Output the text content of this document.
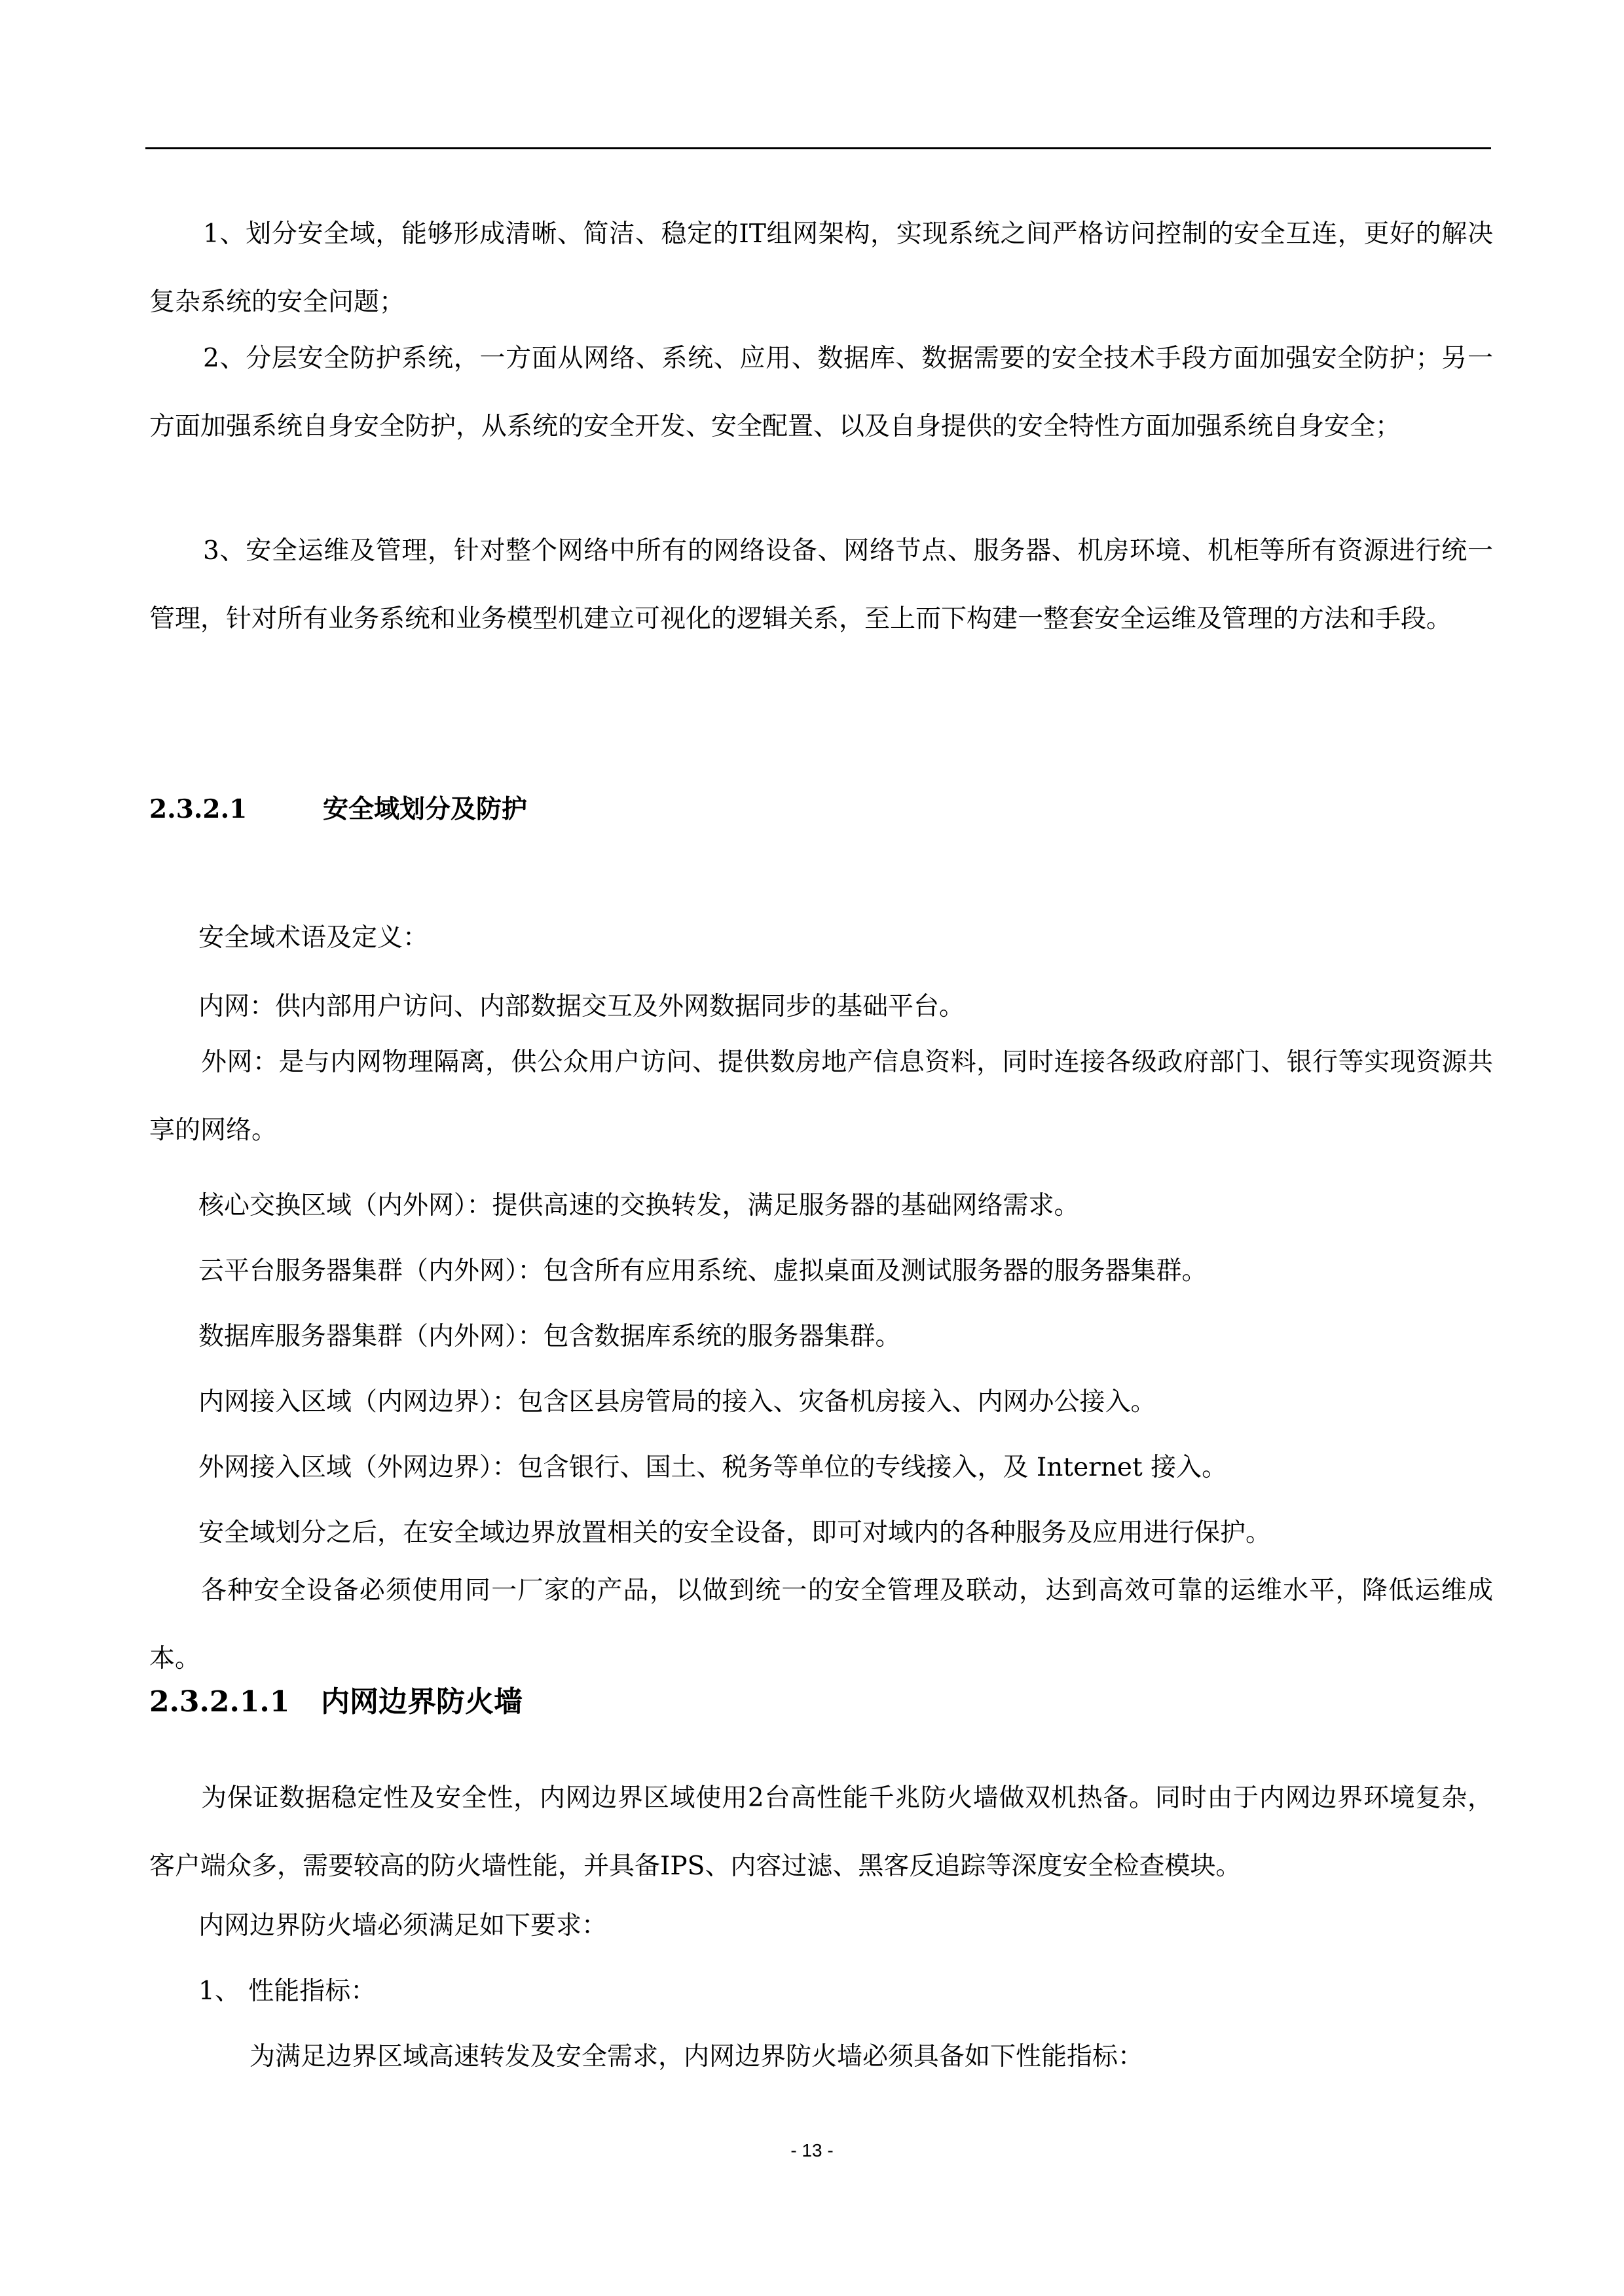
1、划分安全域，能够形成清晰、简洁、稳定的IT组网架构，实现系统之间严格访问控制的安全互连，更好的解决复杂系统的安全问题；

2、分层安全防护系统，一方面从网络、系统、应用、数据库、数据需要的安全技术手段方面加强安全防护；另一方面加强系统自身安全防护，从系统的安全开发、安全配置、以及自身提供的安全特性方面加强系统自身安全；

3、安全运维及管理，针对整个网络中所有的网络设备、网络节点、服务器、机房环境、机柜等所有资源进行统一管理，针对所有业务系统和业务模型机建立可视化的逻辑关系，至上而下构建一整套安全运维及管理的方法和手段。

2.3.2.1	安全域划分及防护

安全域术语及定义：

内网：供内部用户访问、内部数据交互及外网数据同步的基础平台。

外网：是与内网物理隔离，供公众用户访问、提供数房地产信息资料，同时连接各级政府部门、银行等实现资源共享的网络。

核心交换区域（内外网）：提供高速的交换转发，满足服务器的基础网络需求。

云平台服务器集群（内外网）：包含所有应用系统、虚拟桌面及测试服务器的服务器集群。

数据库服务器集群（内外网）：包含数据库系统的服务器集群。

内网接入区域（内网边界）：包含区县房管局的接入、灾备机房接入、内网办公接入。

外网接入区域（外网边界）：包含银行、国土、税务等单位的专线接入，及 Internet 接入。

安全域划分之后，在安全域边界放置相关的安全设备，即可对域内的各种服务及应用进行保护。

各种安全设备必须使用同一厂家的产品，以做到统一的安全管理及联动，达到高效可靠的运维水平，降低运维成本。

2.3.2.1.1 内网边界防火墙

为保证数据稳定性及安全性，内网边界区域使用2台高性能千兆防火墙做双机热备。同时由于内网边界环境复杂，客户端众多，需要较高的防火墙性能，并具备IPS、内容过滤、黑客反追踪等深度安全检查模块。

内网边界防火墙必须满足如下要求：

1、 性能指标：

为满足边界区域高速转发及安全需求，内网边界防火墙必须具备如下性能指标：

- 13 -
